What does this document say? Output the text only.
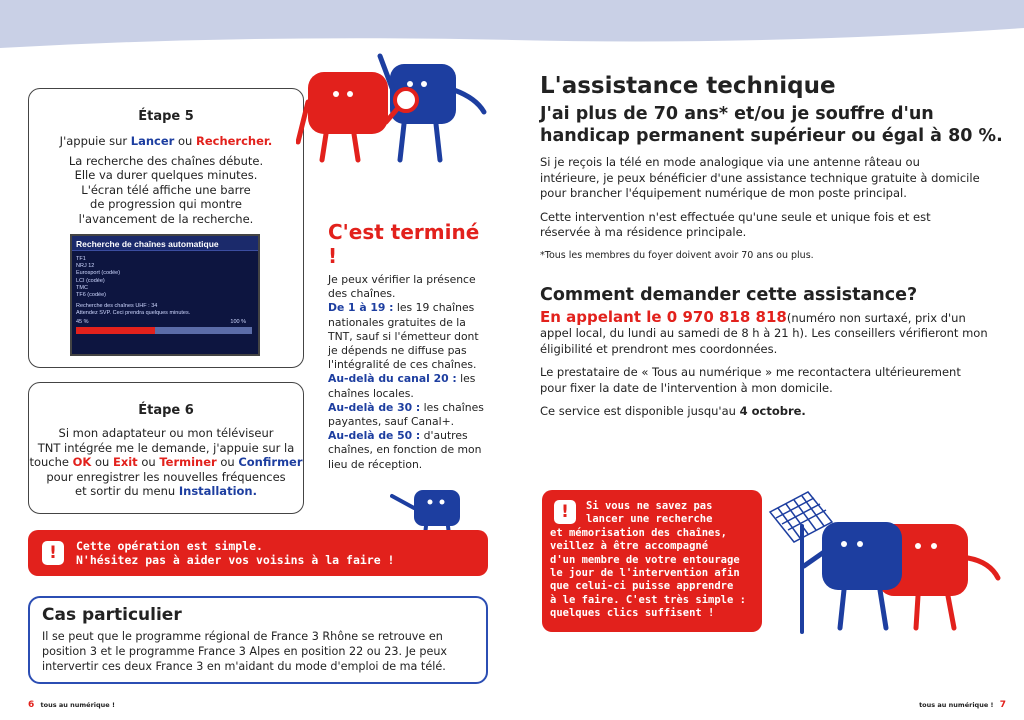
Étape 5
J'appuie sur Lancer ou Rechercher.
La recherche des chaînes débute.
Elle va durer quelques minutes.
L'écran télé affiche une barre
de progression qui montre
l'avancement de la recherche.
Recherche de chaînes automatique
TF1
NRJ 12
Eurosport (codée)
LCI (codée)
TMC
TF6 (codée)
Recherche des chaînes UHF : 34
Attendez SVP. Ceci prendra quelques minutes.
45 %	100 %
Étape 6
Si mon adaptateur ou mon téléviseur
TNT intégrée me le demande, j'appuie sur la
touche OK ou Exit ou Terminer ou Confirmer
pour enregistrer les nouvelles fréquences
et sortir du menu Installation.
C'est terminé !
Je peux vérifier la présence des chaînes.
De 1 à 19 : les 19 chaînes nationales gratuites de la TNT, sauf si l'émetteur dont je dépends ne diffuse pas l'intégralité de ces chaînes.
Au-delà du canal 20 : les chaînes locales.
Au-delà de 30 : les chaînes payantes, sauf Canal+.
Au-delà de 50 : d'autres chaînes, en fonction de mon lieu de réception.
!	Cette opération est simple.
N'hésitez pas à aider vos voisins à la faire !
Cas particulier
Il se peut que le programme régional de France 3 Rhône se retrouve en position 3 et le programme France 3 Alpes en position 22 ou 23. Je peux intervertir ces deux France 3 en m'aidant du mode d'emploi de ma télé.
6 tous au numérique !
L'assistance technique
J'ai plus de 70 ans* et/ou je souffre d'un
handicap permanent supérieur ou égal à 80 %.

Si je reçois la télé en mode analogique via une antenne râteau ou intérieure, je peux bénéficier d'une assistance technique gratuite à domicile pour brancher l'équipement numérique de mon poste principal.

Cette intervention n'est effectuée qu'une seule et unique fois et est réservée à ma résidence principale.

*Tous les membres du foyer doivent avoir 70 ans ou plus.

Comment demander cette assistance?

En appelant le 0 970 818 818(numéro non surtaxé, prix d'un appel local, du lundi au samedi de 8 h à 21 h). Les conseillers vérifieront mon éligibilité et prendront mes coordonnées.

Le prestataire de « Tous au numérique » me recontactera ultérieurement pour fixer la date de l'intervention à mon domicile.

Ce service est disponible jusqu'au 4 octobre.

!	Si vous ne savez pas
lancer une recherche
et mémorisation des chaînes,
veillez à être accompagné
d'un membre de votre entourage
le jour de l'intervention afin
que celui-ci puisse apprendre
à le faire. C'est très simple :
quelques clics suffisent !
tous au numérique ! 7
